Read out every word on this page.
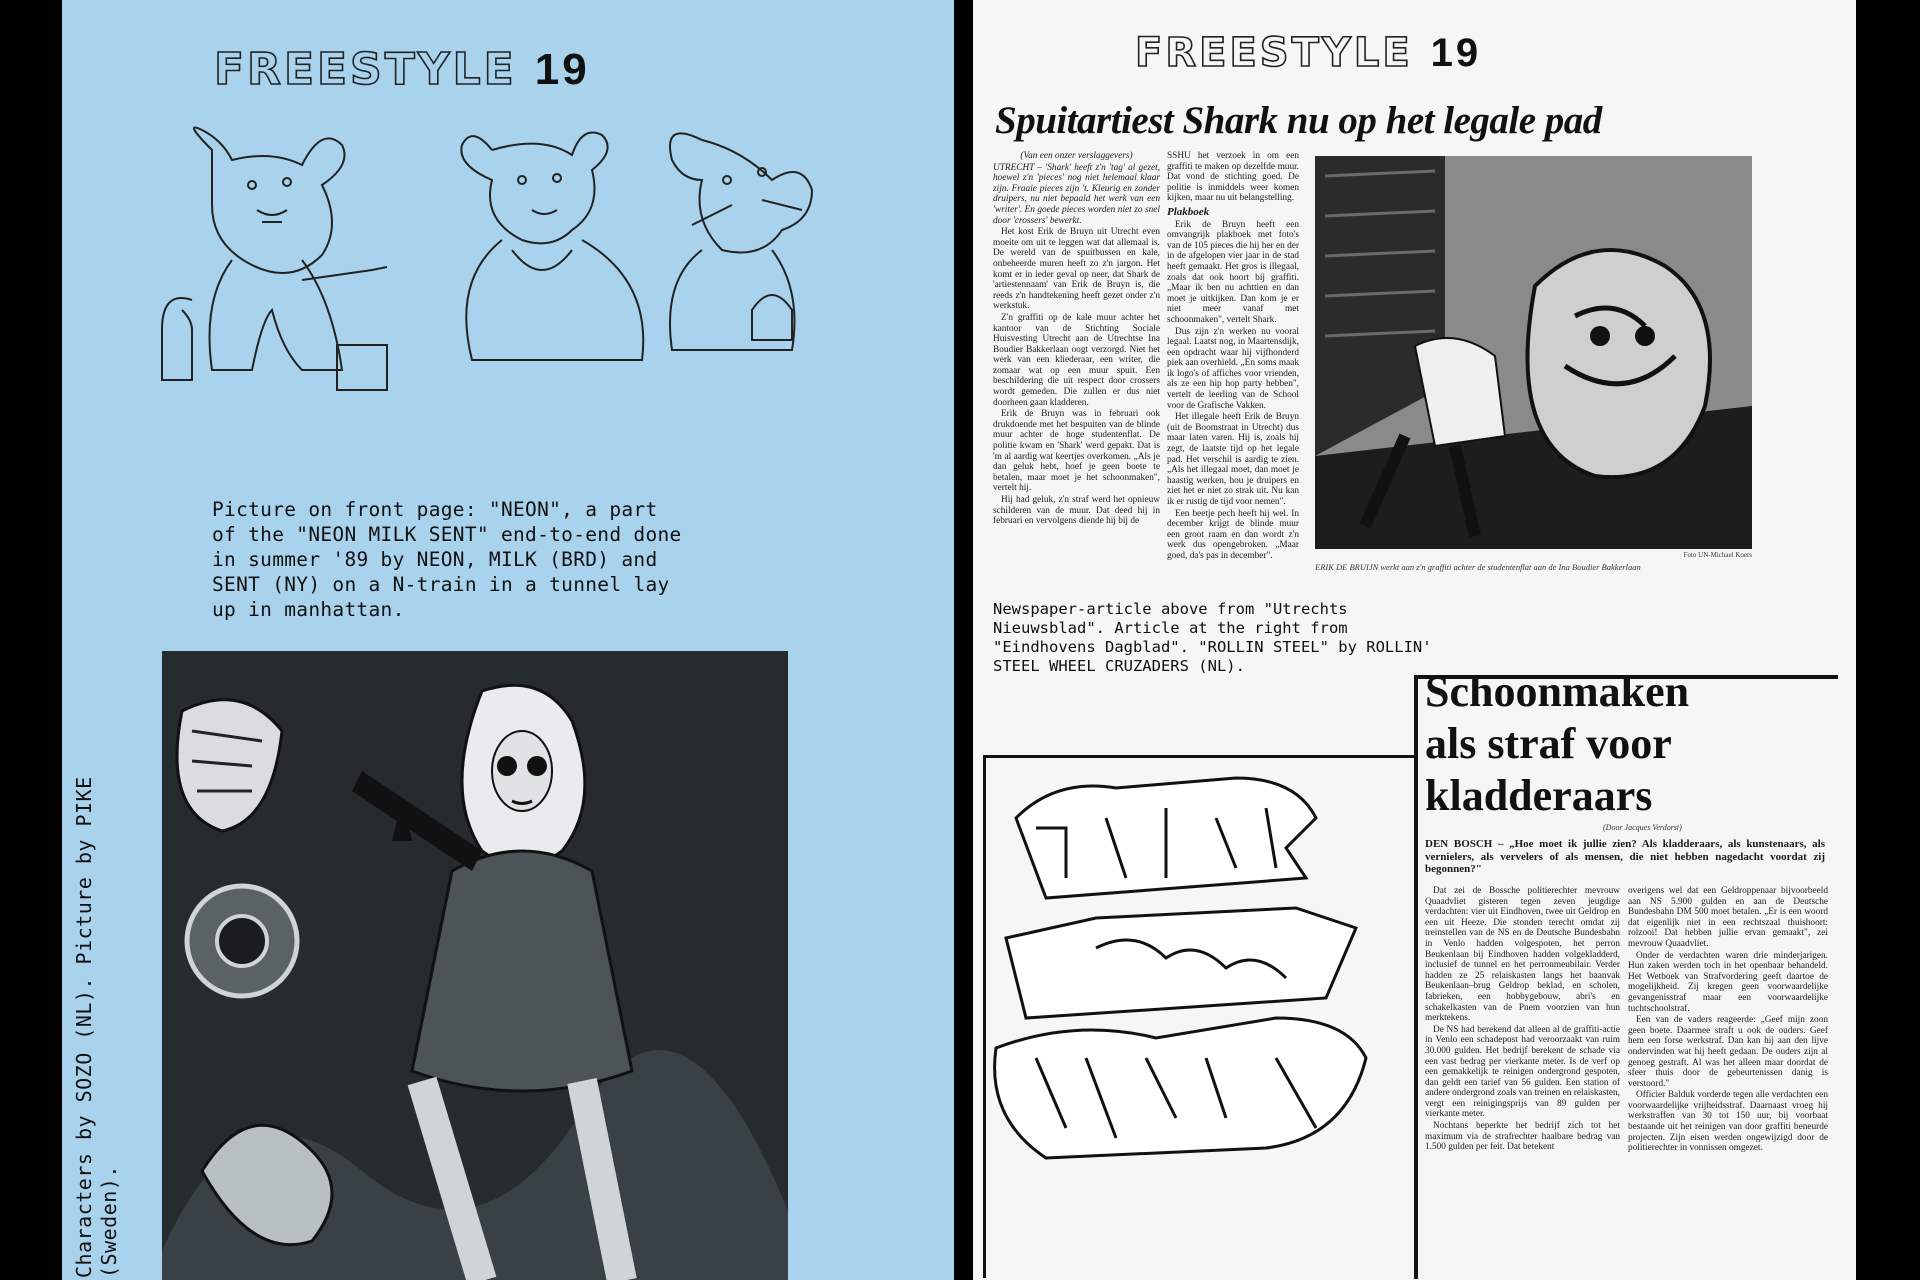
FREESTYLE 19
Picture on front page: "NEON", a part
of the "NEON MILK SENT" end-to-end done
in summer '89 by NEON, MILK (BRD) and
SENT (NY) on a N-train in a tunnel lay
up in manhattan.
Characters by SOZO (NL). Picture by PIKE
(Sweden).
FREESTYLE 19
Spuitartiest Shark nu op het legale pad

(Van een onzer verslaggevers)

UTRECHT – 'Shark' heeft z'n 'tag' al gezet, hoewel z'n 'pieces' nog niet helemaal klaar zijn. Fraaie pieces zijn 't. Kleurig en zonder druipers, nu niet bepaald het werk van een 'writer'. En goede pieces worden niet zo snel door 'crossers' bewerkt.

Het kost Erik de Bruyn uit Utrecht even moeite om uit te leggen wat dat allemaal is. De wereld van de spuitbussen en kale, onbeheerde muren heeft zo z'n jargon. Het komt er in ieder geval op neer, dat Shark de 'artiestennaam' van Erik de Bruyn is, die reeds z'n handtekening heeft gezet onder z'n werkstuk.

Z'n graffiti op de kale muur achter het kantoor van de Stichting Sociale Huisvesting Utrecht aan de Utrechtse Ina Boudier Bakkerlaan oogt verzorgd. Niet het werk van een kliederaar, een writer, die zomaar wat op een muur spuit. Een beschildering die uit respect door crossers wordt gemeden. Die zullen er dus niet doorheen gaan kladderen.

Erik de Bruyn was in februari ook drukdoende met het bespuiten van de blinde muur achter de hoge studentenflat. De politie kwam en 'Shark' werd gepakt. Dat is 'm al aardig wat keertjes overkomen. „Als je dan geluk hebt, hoef je geen boete te betalen, maar moet je het schoonmaken", vertelt hij.

Hij had geluk, z'n straf werd het opnieuw schilderen van de muur. Dat deed hij in februari en vervolgens diende hij bij de

SSHU het verzoek in om een graffiti te maken op dezelfde muur. Dat vond de stichting goed. De politie is inmiddels weer komen kijken, maar nu uit belangstelling.

Plakboek

Erik de Bruyn heeft een omvangrijk plakboek met foto's van de 105 pieces die hij her en der in de afgelopen vier jaar in de stad heeft gemaakt. Het gros is illegaal, zoals dat ook hoort bij graffiti. „Maar ik ben nu achttien en dan moet je uitkijken. Dan kom je er niet meer vanaf met schoonmaken", vertelt Shark.

Dus zijn z'n werken nu vooral legaal. Laatst nog, in Maartensdijk, een opdracht waar hij vijfhonderd piek aan overhield. „En soms maak ik logo's of affiches voor vrienden, als ze een hip hop party hebben", vertelt de leerling van de School voor de Grafische Vakken.

Het illegale heeft Erik de Bruyn (uit de Boomstraat in Utrecht) dus maar laten varen. Hij is, zoals hij zegt, de laatste tijd op het legale pad. Het verschil is aardig te zien. „Als het illegaal moet, dan moet je haastig werken, hou je druipers en ziet het er niet zo strak uit. Nu kan ik er rustig de tijd voor nemen".

Een beetje pech heeft hij wel. In december krijgt de blinde muur een groot raam en dan wordt z'n werk dus opengebroken. „Maar goed, da's pas in december".	Foto UN-Michael Koers
ERIK DE BRUIJN werkt aan z'n graffiti achter de studentenflat aan de Ina Boudier Bakkerlaan
Newspaper-article above from "Utrechts
Nieuwsblad". Article at the right from
"Eindhovens Dagblad". "ROLLIN STEEL" by ROLLIN'
STEEL WHEEL CRUZADERS (NL).
Schoonmaken
als straf voor
kladderaars
(Door Jacques Verdorst)

DEN BOSCH – „Hoe moet ik jullie zien? Als kladderaars, als kunstenaars, als vernielers, als vervelers of als mensen, die niet hebben nagedacht voordat zij begonnen?"

Dat zei de Bossche politierechter mevrouw Quaadvliet gisteren tegen zeven jeugdige verdachten: vier uit Eindhoven, twee uit Geldrop en een uit Heeze. Die stonden terecht omdat zij treinstellen van de NS en de Deutsche Bundesbahn in Venlo hadden volgespoten, het perron Beukenlaan bij Eindhoven hadden volgekladderd, inclusief de tunnel en het perronmeubilair. Verder hadden ze 25 relaiskasten langs het baanvak Beukenlaan–brug Geldrop beklad, en scholen, fabrieken, een hobbygebouw, abri's en schakelkasten van de Pnem voorzien van hun merktekens.

De NS had berekend dat alleen al de graffiti-actie in Venlo een schadepost had veroorzaakt van ruim 30.000 gulden. Het bedrijf berekent de schade via een vast bedrag per vierkante meter. Is de verf op een gemakkelijk te reinigen ondergrond gespoten, dan geldt een tarief van 56 gulden. Een station of andere ondergrond zoals van treinen en relaiskasten, vergt een reinigingsprijs van 89 gulden per vierkante meter.

Nochtans beperkte het bedrijf zich tot het maximum via de strafrechter haalbare bedrag van 1.500 gulden per feit. Dat betekent

overigens wel dat een Geldroppenaar bijvoorbeeld aan NS 5.900 gulden en aan de Deutsche Bundesbahn DM 500 moet betalen. „Er is een woord dat eigenlijk niet in een rechtszaal thuishoort: rolzooi! Dat hebben jullie ervan gemaakt", zei mevrouw Quaadvliet.

Onder de verdachten waren drie minderjarigen. Hun zaken werden toch in het openbaar behandeld. Het Wetboek van Strafvordering geeft daartoe de mogelijkheid. Zij kregen geen voorwaardelijke gevangenisstraf maar een voorwaardelijke tuchtschoolstraf.

Een van de vaders reageerde: „Geef mijn zoon geen boete. Daarmee straft u ook de ouders. Geef hem een forse werkstraf. Dan kan hij aan den lijve ondervinden wat hij heeft gedaan. De ouders zijn al genoeg gestraft. Al was het alleen maar doordat de sfeer thuis door de gebeurtenissen danig is verstoord."

Officier Balduk vorderde tegen alle verdachten een voorwaardelijke vrijheidsstraf. Daarnaast vroeg hij werkstraffen van 30 tot 150 uur, bij voorbaat bestaande uit het reinigen van door graffiti beneurde projecten. Zijn eisen werden ongewijzigd door de politierechter in vonnissen omgezet.
